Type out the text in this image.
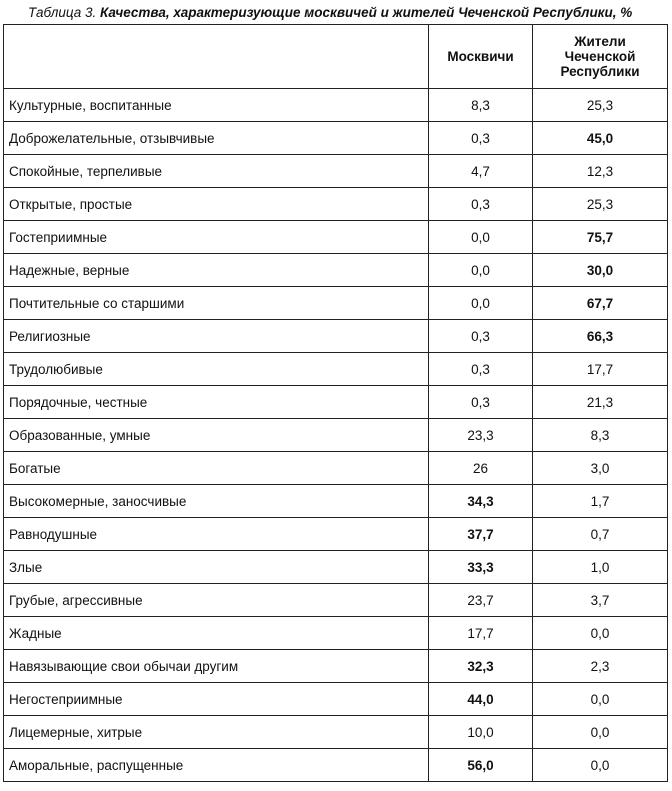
Таблица 3. Качества, характеризующие москвичей и жителей Чеченской Республики, %
	Москвичи	Жители Чеченской Республики

Культурные, воспитанные	8,3	25,3
Доброжелательные, отзывчивые	0,3	45,0
Спокойные, терпеливые	4,7	12,3
Открытые, простые	0,3	25,3
Гостеприимные	0,0	75,7
Надежные, верные	0,0	30,0
Почтительные со старшими	0,0	67,7
Религиозные	0,3	66,3
Трудолюбивые	0,3	17,7
Порядочные, честные	0,3	21,3
Образованные, умные	23,3	8,3
Богатые	26	3,0
Высокомерные, заносчивые	34,3	1,7
Равнодушные	37,7	0,7
Злые	33,3	1,0
Грубые, агрессивные	23,7	3,7
Жадные	17,7	0,0
Навязывающие свои обычаи другим	32,3	2,3
Негостеприимные	44,0	0,0
Лицемерные, хитрые	10,0	0,0
Аморальные, распущенные	56,0	0,0
